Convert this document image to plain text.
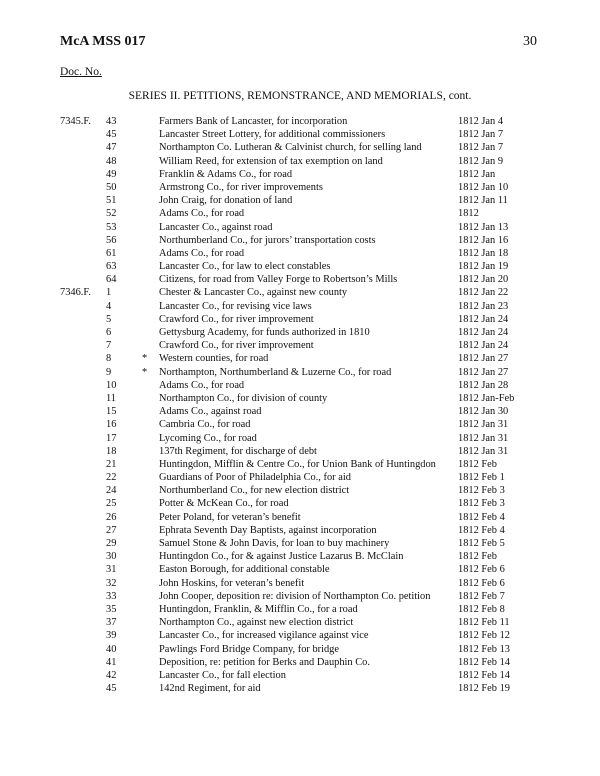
McA MSS 017	30
Doc. No.
SERIES II. PETITIONS, REMONSTRANCE, AND MEMORIALS, cont.
7345.F. 43	Farmers Bank of Lancaster, for incorporation	1812 Jan 4
45	Lancaster Street Lottery, for additional commissioners	1812 Jan 7
47	Northampton Co. Lutheran & Calvinist church, for selling land	1812 Jan 7
48	William Reed, for extension of tax exemption on land	1812 Jan 9
49	Franklin & Adams Co., for road	1812 Jan
50	Armstrong Co., for river improvements	1812 Jan 10
51	John Craig, for donation of land	1812 Jan 11
52	Adams Co., for road	1812
53	Lancaster Co., against road	1812 Jan 13
56	Northumberland Co., for jurors’ transportation costs	1812 Jan 16
61	Adams Co., for road	1812 Jan 18
63	Lancaster Co., for law to elect constables	1812 Jan 19
64	Citizens, for road from Valley Forge to Robertson’s Mills	1812 Jan 20
7346.F. 1	Chester & Lancaster Co., against new county	1812 Jan 22
4	Lancaster Co., for revising vice laws	1812 Jan 23
5	Crawford Co., for river improvement	1812 Jan 24
6	Gettysburg Academy, for funds authorized in 1810	1812 Jan 24
7	Crawford Co., for river improvement	1812 Jan 24
8	* Western counties, for road	1812 Jan 27
9	* Northampton, Northumberland & Luzerne Co., for road	1812 Jan 27
10	Adams Co., for road	1812 Jan 28
11	Northampton Co., for division of county	1812 Jan-Feb
15	Adams Co., against road	1812 Jan 30
16	Cambria Co., for road	1812 Jan 31
17	Lycoming Co., for road	1812 Jan 31
18	137th Regiment, for discharge of debt	1812 Jan 31
21	Huntingdon, Mifflin & Centre Co., for Union Bank of Huntingdon 1812 Feb
22	Guardians of Poor of Philadelphia Co., for aid	1812 Feb 1
24	Northumberland Co., for new election district	1812 Feb 3
25	Potter & McKean Co., for road	1812 Feb 3
26	Peter Poland, for veteran’s benefit	1812 Feb 4
27	Ephrata Seventh Day Baptists, against incorporation	1812 Feb 4
29	Samuel Stone & John Davis, for loan to buy machinery	1812 Feb 5
30	Huntingdon Co., for & against Justice Lazarus B. McClain	1812 Feb
31	Easton Borough, for additional constable	1812 Feb 6
32	John Hoskins, for veteran’s benefit	1812 Feb 6
33	John Cooper, deposition re: division of Northampton Co. petition	1812 Feb 7
35	Huntingdon, Franklin, & Mifflin Co., for a road	1812 Feb 8
37	Northampton Co., against new election district	1812 Feb 11
39	Lancaster Co., for increased vigilance against vice	1812 Feb 12
40	Pawlings Ford Bridge Company, for bridge	1812 Feb 13
41	Deposition, re: petition for Berks and Dauphin Co.	1812 Feb 14
42	Lancaster Co., for fall election	1812 Feb 14
45	142nd Regiment, for aid	1812 Feb 19
